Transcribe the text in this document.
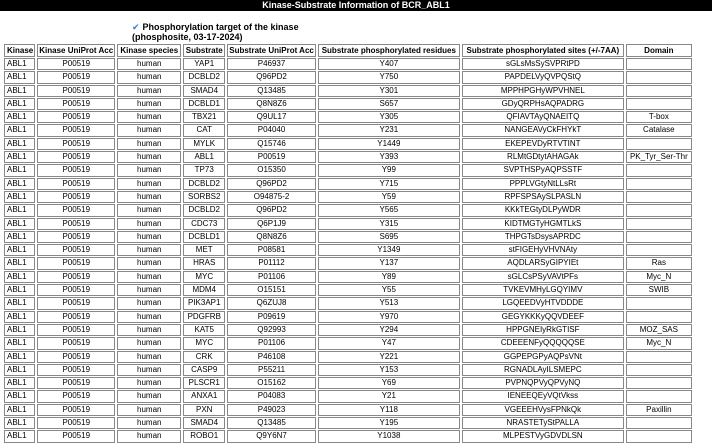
Kinase-Substrate Information of BCR_ABL1
✔ Phosphorylation target of the kinase
(phosphosite, 03-17-2024)
Kinase	Kinase UniProt Acc	Kinase species	Substrate	Substrate UniProt Acc	Substrate phosphorylated residues	Substrate phosphorylated sites (+/-7AA)	Domain
ABL1	P00519	human	YAP1	P46937	Y407	sGLsMsSySVPRtPD	
ABL1	P00519	human	DCBLD2	Q96PD2	Y750	PAPDELVyQVPQStQ	
ABL1	P00519	human	SMAD4	Q13485	Y301	MPPHPGHyWPVHNEL	
ABL1	P00519	human	DCBLD1	Q8N8Z6	S657	GDyQRPHsAQPADRG	
ABL1	P00519	human	TBX21	Q9UL17	Y305	QFIAVTAyQNAEITQ	T-box
ABL1	P00519	human	CAT	P04040	Y231	NANGEAVyCkFHYkT	Catalase
ABL1	P00519	human	MYLK	Q15746	Y1449	EKEPEVDyRTVTINT	
ABL1	P00519	human	ABL1	P00519	Y393	RLMtGDtytAHAGAk	PK_Tyr_Ser-Thr
ABL1	P00519	human	TP73	O15350	Y99	SVPTHSPyAQPSSTF	
ABL1	P00519	human	DCBLD2	Q96PD2	Y715	PPPLVGtyNtLLsRt	
ABL1	P00519	human	SORBS2	O94875-2	Y59	RPFSPSAySLPASLN	
ABL1	P00519	human	DCBLD2	Q96PD2	Y565	KKkTEGtyDLPyWDR	
ABL1	P00519	human	CDC73	Q6P1J9	Y315	KIDTMGTyHGMTLkS	
ABL1	P00519	human	DCBLD1	Q8N8Z6	S695	THPGTsDsysAPRDC	
ABL1	P00519	human	MET	P08581	Y1349	stFIGEHyVHVNAty	
ABL1	P00519	human	HRAS	P01112	Y137	AQDLARSyGIPYIEt	Ras
ABL1	P00519	human	MYC	P01106	Y89	sGLCsPSyVAVtPFs	Myc_N
ABL1	P00519	human	MDM4	O15151	Y55	TVKEVMHyLGQYIMV	SWIB
ABL1	P00519	human	PIK3AP1	Q6ZUJ8	Y513	LGQEEDVyHTVDDDE	
ABL1	P00519	human	PDGFRB	P09619	Y970	GEGYKKKyQQVDEEF	
ABL1	P00519	human	KAT5	Q92993	Y294	HPPGNEIyRkGTISF	MOZ_SAS
ABL1	P00519	human	MYC	P01106	Y47	CDEEENFyQQQQQSE	Myc_N
ABL1	P00519	human	CRK	P46108	Y221	GGPEPGPyAQPsVNt	
ABL1	P00519	human	CASP9	P55211	Y153	RGNADLAyILSMEPC	
ABL1	P00519	human	PLSCR1	O15162	Y69	PVPNQPVyQPVyNQ	
ABL1	P00519	human	ANXA1	P04083	Y21	IENEEQEyVQtVkss	
ABL1	P00519	human	PXN	P49023	Y118	VGEEEHVysFPNkQk	Paxillin
ABL1	P00519	human	SMAD4	Q13485	Y195	NRASTETyStPALLA	
ABL1	P00519	human	ROBO1	Q9Y6N7	Y1038	MLPESTVyGDVDLSN	
